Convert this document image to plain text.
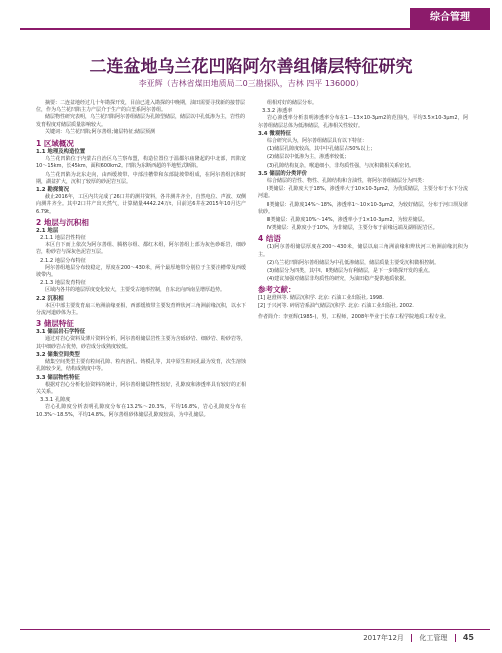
综合管理
二连盆地乌兰花凹陷阿尔善组储层特征研究
李亚辉（吉林省煤田地质局二0三勘探队，吉林 四平 136000）
摘要：二连盆地经过几十年勘探开发，目前已进入勘探的中晚期，油田需要寻找新的接替层位，作为乌兰花凹陷主力产层介于生产的白垩系阿尔善组。
储层物性研究表明，乌兰花凹陷阿尔善组储层为孔隙型储层，储层以中孔低渗为主，岩性的发育程度对储层质量影响较大。
关键词：乌兰花凹陷;阿尔善组;储层特征;储层预测
1 区域概况
1.1 地理及构造位置
乌兰花凹陷位于内蒙古自治区乌兰察布盟，构造位置位于温都尔庙隆起的中北部，凹陷宽10～15km，长45km，面积600km2。凹陷为东断西超的半地堑式断陷。
乌兰花凹陷为北东走向，由西缓坡带、中部洼槽带和东部陡坡带组成，在阿尔善组沉积时期，湖盆扩大，沉积了较厚的砂泥岩互层。
1.2 勘探简况
截止2016年，工区内共完成了26口井的测井资料，各井测井齐全，自然电位、声波、双侧向测井齐全。其中2口井产出天然气，计算储量4442.24万t，目前达6井在2015年10月达产6.79t。
2 地层与沉积相
2.1 地层
2.1.1 地层岩性特征
本区自下而上依次为阿尔善组、腾格尔组、都红木组，阿尔善组上部为灰色砂砾岩，细砂岩，粉砂岩与深灰色泥岩互层。
2.1.2 地层分布特征
阿尔善组地层分布较稳定，厚度在200～430米，两个最厚地带分别位于主要洼槽带及西缓坡带内。
2.1.3 地层发育特征
区域内各井的地层厚度变化较大，主要受古地形控制，自东北向西南呈增厚趋势。
2.2 沉积相
本区中部主要发育扇三角洲前缘亚相，西部缓坡带主要发育辫状河三角洲前缘沉积，以水下分流河道砂体为主。
3 储层特征
3.1 储层岩石学特征
通过对岩心资料及薄片资料分析，阿尔善组储层岩性主要为含砾砂岩、细砂岩、粉砂岩等，其中细砂岩占优势，砂岩成分成熟度较低。
3.2 储集空间类型
储集空间类型主要有粒间孔隙、粒内溶孔、铸模孔等，其中原生粒间孔最为发育，次生溶蚀孔隙较少见，结构成熟度中等。
3.3 储层物性特征
根据对岩心分析化验资料的统计，阿尔善组储层物性较好，孔隙度和渗透率具有较好的正相关关系。
3.3.1 孔隙度
岩心孔隙度分析表明孔隙度分布在13.2%～20.3%，平均16.8%，岩心孔隙度分布在10.3%～18.5%，平均14.8%。阿尔善组砂体储层孔隙度较高，为中孔储层。
组相对好的储层分布。
3.3.2 渗透率
岩心渗透率分析表明渗透率分布在1－13×10-3μm2的范围内，平均3.5×10-3μm2，阿尔善组储层总体为低渗储层，孔渗相关性较好。
3.4 微观特征
综合研究认为，阿尔善组储层具有以下特征：
(1)储层孔隙度较高，其中中孔储层占50%以上；
(2)储层以中低渗为主，渗透率较低；
(3)孔隙结构复杂，喉道细小，非均质性强，与沉积微相关系密切。
3.5 储层的分类评价
综合储层的岩性、物性、孔隙结构和含油性，将阿尔善组储层分为四类：
Ⅰ类储层：孔隙度大于18%，渗透率大于10×10-3μm2，为优质储层，主要分布于水下分流河道。
Ⅱ类储层：孔隙度14%～18%，渗透率1～10×10-3μm2，为较好储层，分布于河口坝及席状砂。
Ⅲ类储层：孔隙度10%～14%，渗透率小于1×10-3μm2，为较差储层。
Ⅳ类储层：孔隙度小于10%，为非储层，主要分布于前缘远端及湖相泥岩区。
4 结语
(1)阿尔善组储层厚度在200～430米，储层以扇三角洲前缘和辫状河三角洲前缘沉积为主。
(2)乌兰花凹陷阿尔善组储层为中孔低渗储层，储层质量主要受沉积微相控制。
(3)储层分为四类，其中Ⅰ、Ⅱ类储层为有利储层，是下一步勘探开发的重点。
(4)建议加强对储层非均质性的研究，为油田稳产提供地质依据。
参考文献：
[1] 赵澄林等. 储层沉积学. 北京: 石油工业出版社, 1998.
[2] 于兴河等. 碎屑岩系油气储层沉积学. 北京: 石油工业出版社, 2002.
作者简介：李亚辉(1985-)，男，工程师，2008年毕业于长春工程学院地质工程专业。
2017年12月 化工管理 45
